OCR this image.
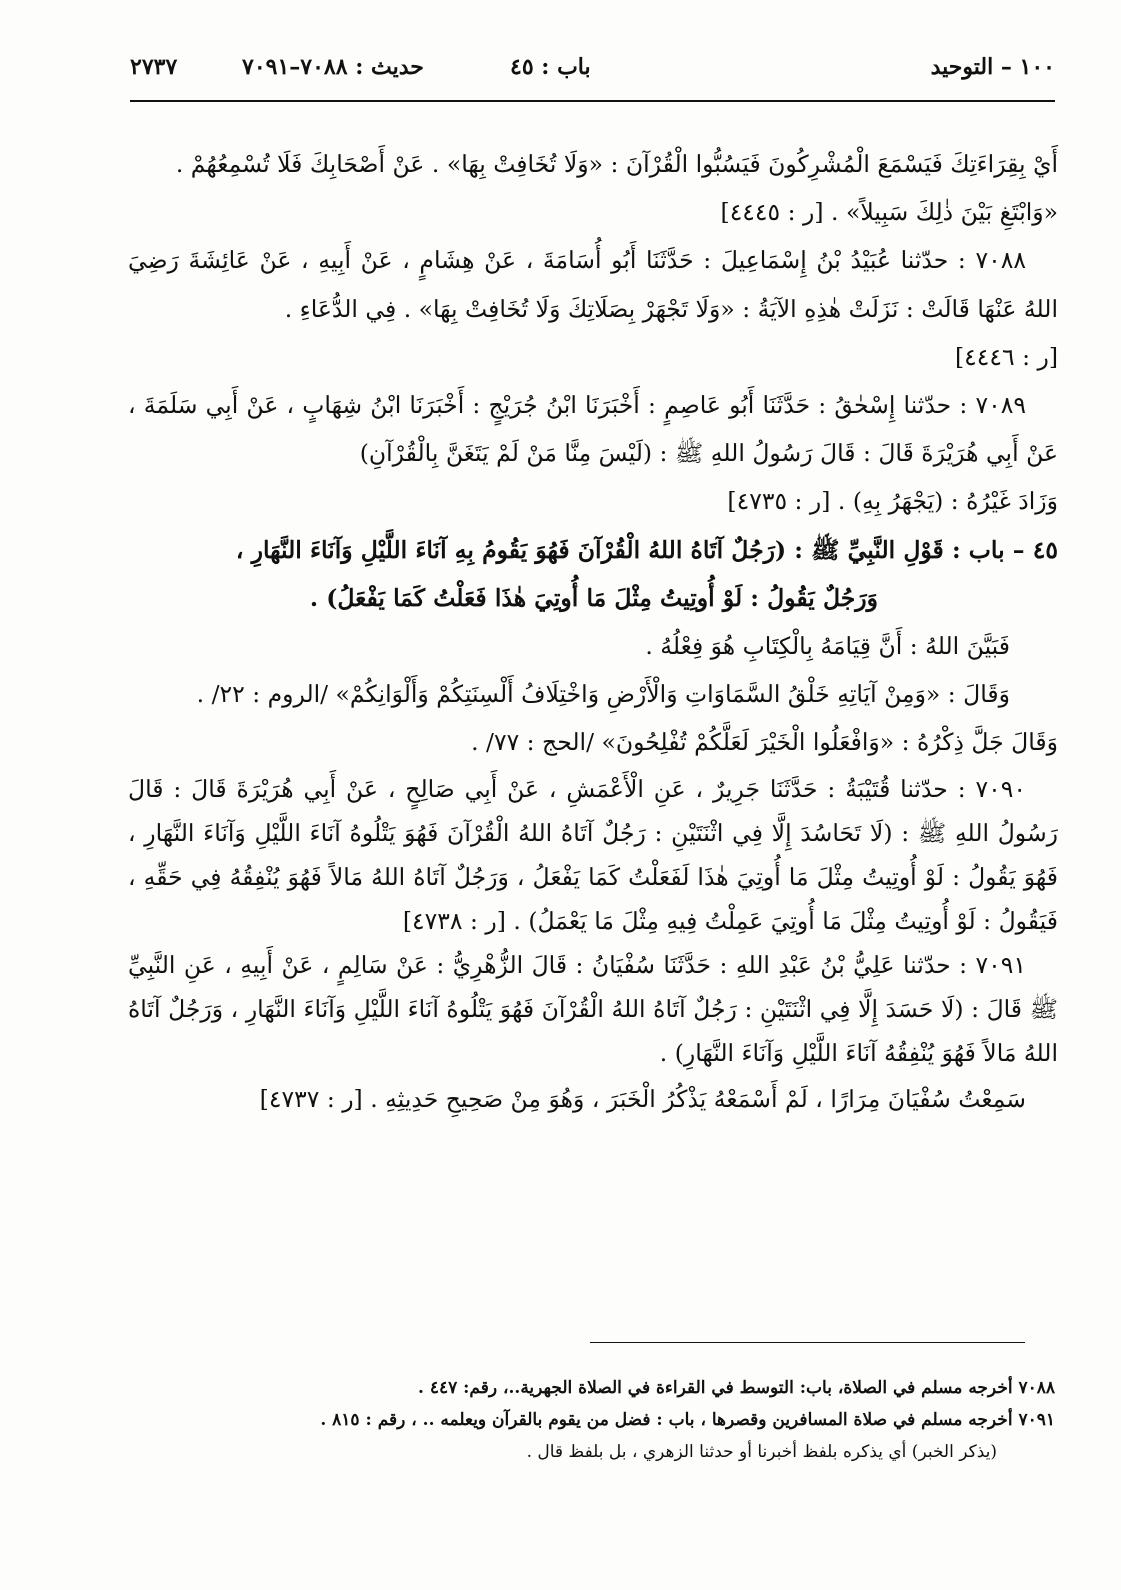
١٠٠ – التوحيد
باب : ٤٥
حديث : ٧٠٨٨–٧٠٩١
٢٧٣٧

أَيْ بِقِرَاءَتِكَ فَيَسْمَعَ الْمُشْرِكُونَ فَيَسُبُّوا الْقُرْآنَ : «وَلَا تُخَافِتْ بِهَا» . عَنْ أَصْحَابِكَ فَلَا تُسْمِعُهُمْ .

«وَابْتَغِ بَيْنَ ذٰلِكَ سَبِيلاً» . [ر : ٤٤٤٥]

٧٠٨٨ : حدّثنا عُبَيْدُ بْنُ إِسْمَاعِيلَ : حَدَّثَنَا أَبُو أُسَامَةَ ، عَنْ هِشَامٍ ، عَنْ أَبِيهِ ، عَنْ عَائِشَةَ رَضِيَ اللهُ عَنْهَا قَالَتْ : نَزَلَتْ هٰذِهِ الآيَةُ : «وَلَا تَجْهَرْ بِصَلَاتِكَ وَلَا تُخَافِتْ بِهَا» . فِي الدُّعَاءِ .

[ر : ٤٤٤٦]

٧٠٨٩ : حدّثنا إِسْحٰقُ : حَدَّثَنَا أَبُو عَاصِمٍ : أَخْبَرَنَا ابْنُ جُرَيْجٍ : أَخْبَرَنَا ابْنُ شِهَابٍ ، عَنْ أَبِي سَلَمَةَ ، عَنْ أَبِي هُرَيْرَةَ قَالَ : قَالَ رَسُولُ اللهِ ﷺ : (لَيْسَ مِنَّا مَنْ لَمْ يَتَغَنَّ بِالْقُرْآنِ)

وَزَادَ غَيْرُهُ : (يَجْهَرُ بِهِ) . [ر : ٤٧٣٥]

٤٥ – باب : قَوْلِ النَّبِيِّ ﷺ : (رَجُلٌ آتَاهُ اللهُ الْقُرْآنَ فَهُوَ يَقُومُ بِهِ آنَاءَ اللَّيْلِ وَآنَاءَ النَّهَارِ ،

وَرَجُلٌ يَقُولُ : لَوْ أُوتِيتُ مِثْلَ مَا أُوتِيَ هٰذَا فَعَلْتُ كَمَا يَفْعَلُ) .

فَبَيَّنَ اللهُ : أَنَّ قِيَامَهُ بِالْكِتَابِ هُوَ فِعْلُهُ .

وَقَالَ : «وَمِنْ آيَاتِهِ خَلْقُ السَّمَاوَاتِ وَالْأَرْضِ وَاخْتِلَافُ أَلْسِنَتِكُمْ وَأَلْوَانِكُمْ» /الروم : ٢٢/ .

وَقَالَ جَلَّ ذِكْرُهُ : «وَافْعَلُوا الْخَيْرَ لَعَلَّكُمْ تُفْلِحُونَ» /الحج : ٧٧/ .

٧٠٩٠ : حدّثنا قُتَيْبَةُ : حَدَّثَنَا جَرِيرٌ ، عَنِ الْأَعْمَشِ ، عَنْ أَبِي صَالِحٍ ، عَنْ أَبِي هُرَيْرَةَ قَالَ : قَالَ رَسُولُ اللهِ ﷺ : (لَا تَحَاسُدَ إِلَّا فِي اثْنَتَيْنِ : رَجُلٌ آتَاهُ اللهُ الْقُرْآنَ فَهُوَ يَتْلُوهُ آنَاءَ اللَّيْلِ وَآنَاءَ النَّهَارِ ، فَهُوَ يَقُولُ : لَوْ أُوتِيتُ مِثْلَ مَا أُوتِيَ هٰذَا لَفَعَلْتُ كَمَا يَفْعَلُ ، وَرَجُلٌ آتَاهُ اللهُ مَالاً فَهُوَ يُنْفِقُهُ فِي حَقِّهِ ، فَيَقُولُ : لَوْ أُوتِيتُ مِثْلَ مَا أُوتِيَ عَمِلْتُ فِيهِ مِثْلَ مَا يَعْمَلُ) . [ر : ٤٧٣٨]

٧٠٩١ : حدّثنا عَلِيُّ بْنُ عَبْدِ اللهِ : حَدَّثَنَا سُفْيَانُ : قَالَ الزُّهْرِيُّ : عَنْ سَالِمٍ ، عَنْ أَبِيهِ ، عَنِ النَّبِيِّ ﷺ قَالَ : (لَا حَسَدَ إِلَّا فِي اثْنَتَيْنِ : رَجُلٌ آتَاهُ اللهُ الْقُرْآنَ فَهُوَ يَتْلُوهُ آنَاءَ اللَّيْلِ وَآنَاءَ النَّهَارِ ، وَرَجُلٌ آتَاهُ اللهُ مَالاً فَهُوَ يُنْفِقُهُ آنَاءَ اللَّيْلِ وَآنَاءَ النَّهَارِ) .

سَمِعْتُ سُفْيَانَ مِرَارًا ، لَمْ أَسْمَعْهُ يَذْكُرُ الْخَبَرَ ، وَهُوَ مِنْ صَحِيحِ حَدِيثِهِ . [ر : ٤٧٣٧]

٧٠٨٨ أخرجه مسلم في الصلاة، باب: التوسط في القراءة في الصلاة الجهرية..، رقم: ٤٤٧ .

٧٠٩١ أخرجه مسلم في صلاة المسافرين وقصرها ، باب : فضل من يقوم بالقرآن ويعلمه .. ، رقم : ٨١٥ .

(يذكر الخبر) أي يذكره بلفظ أخبرنا أو حدثنا الزهري ، بل بلفظ قال .
